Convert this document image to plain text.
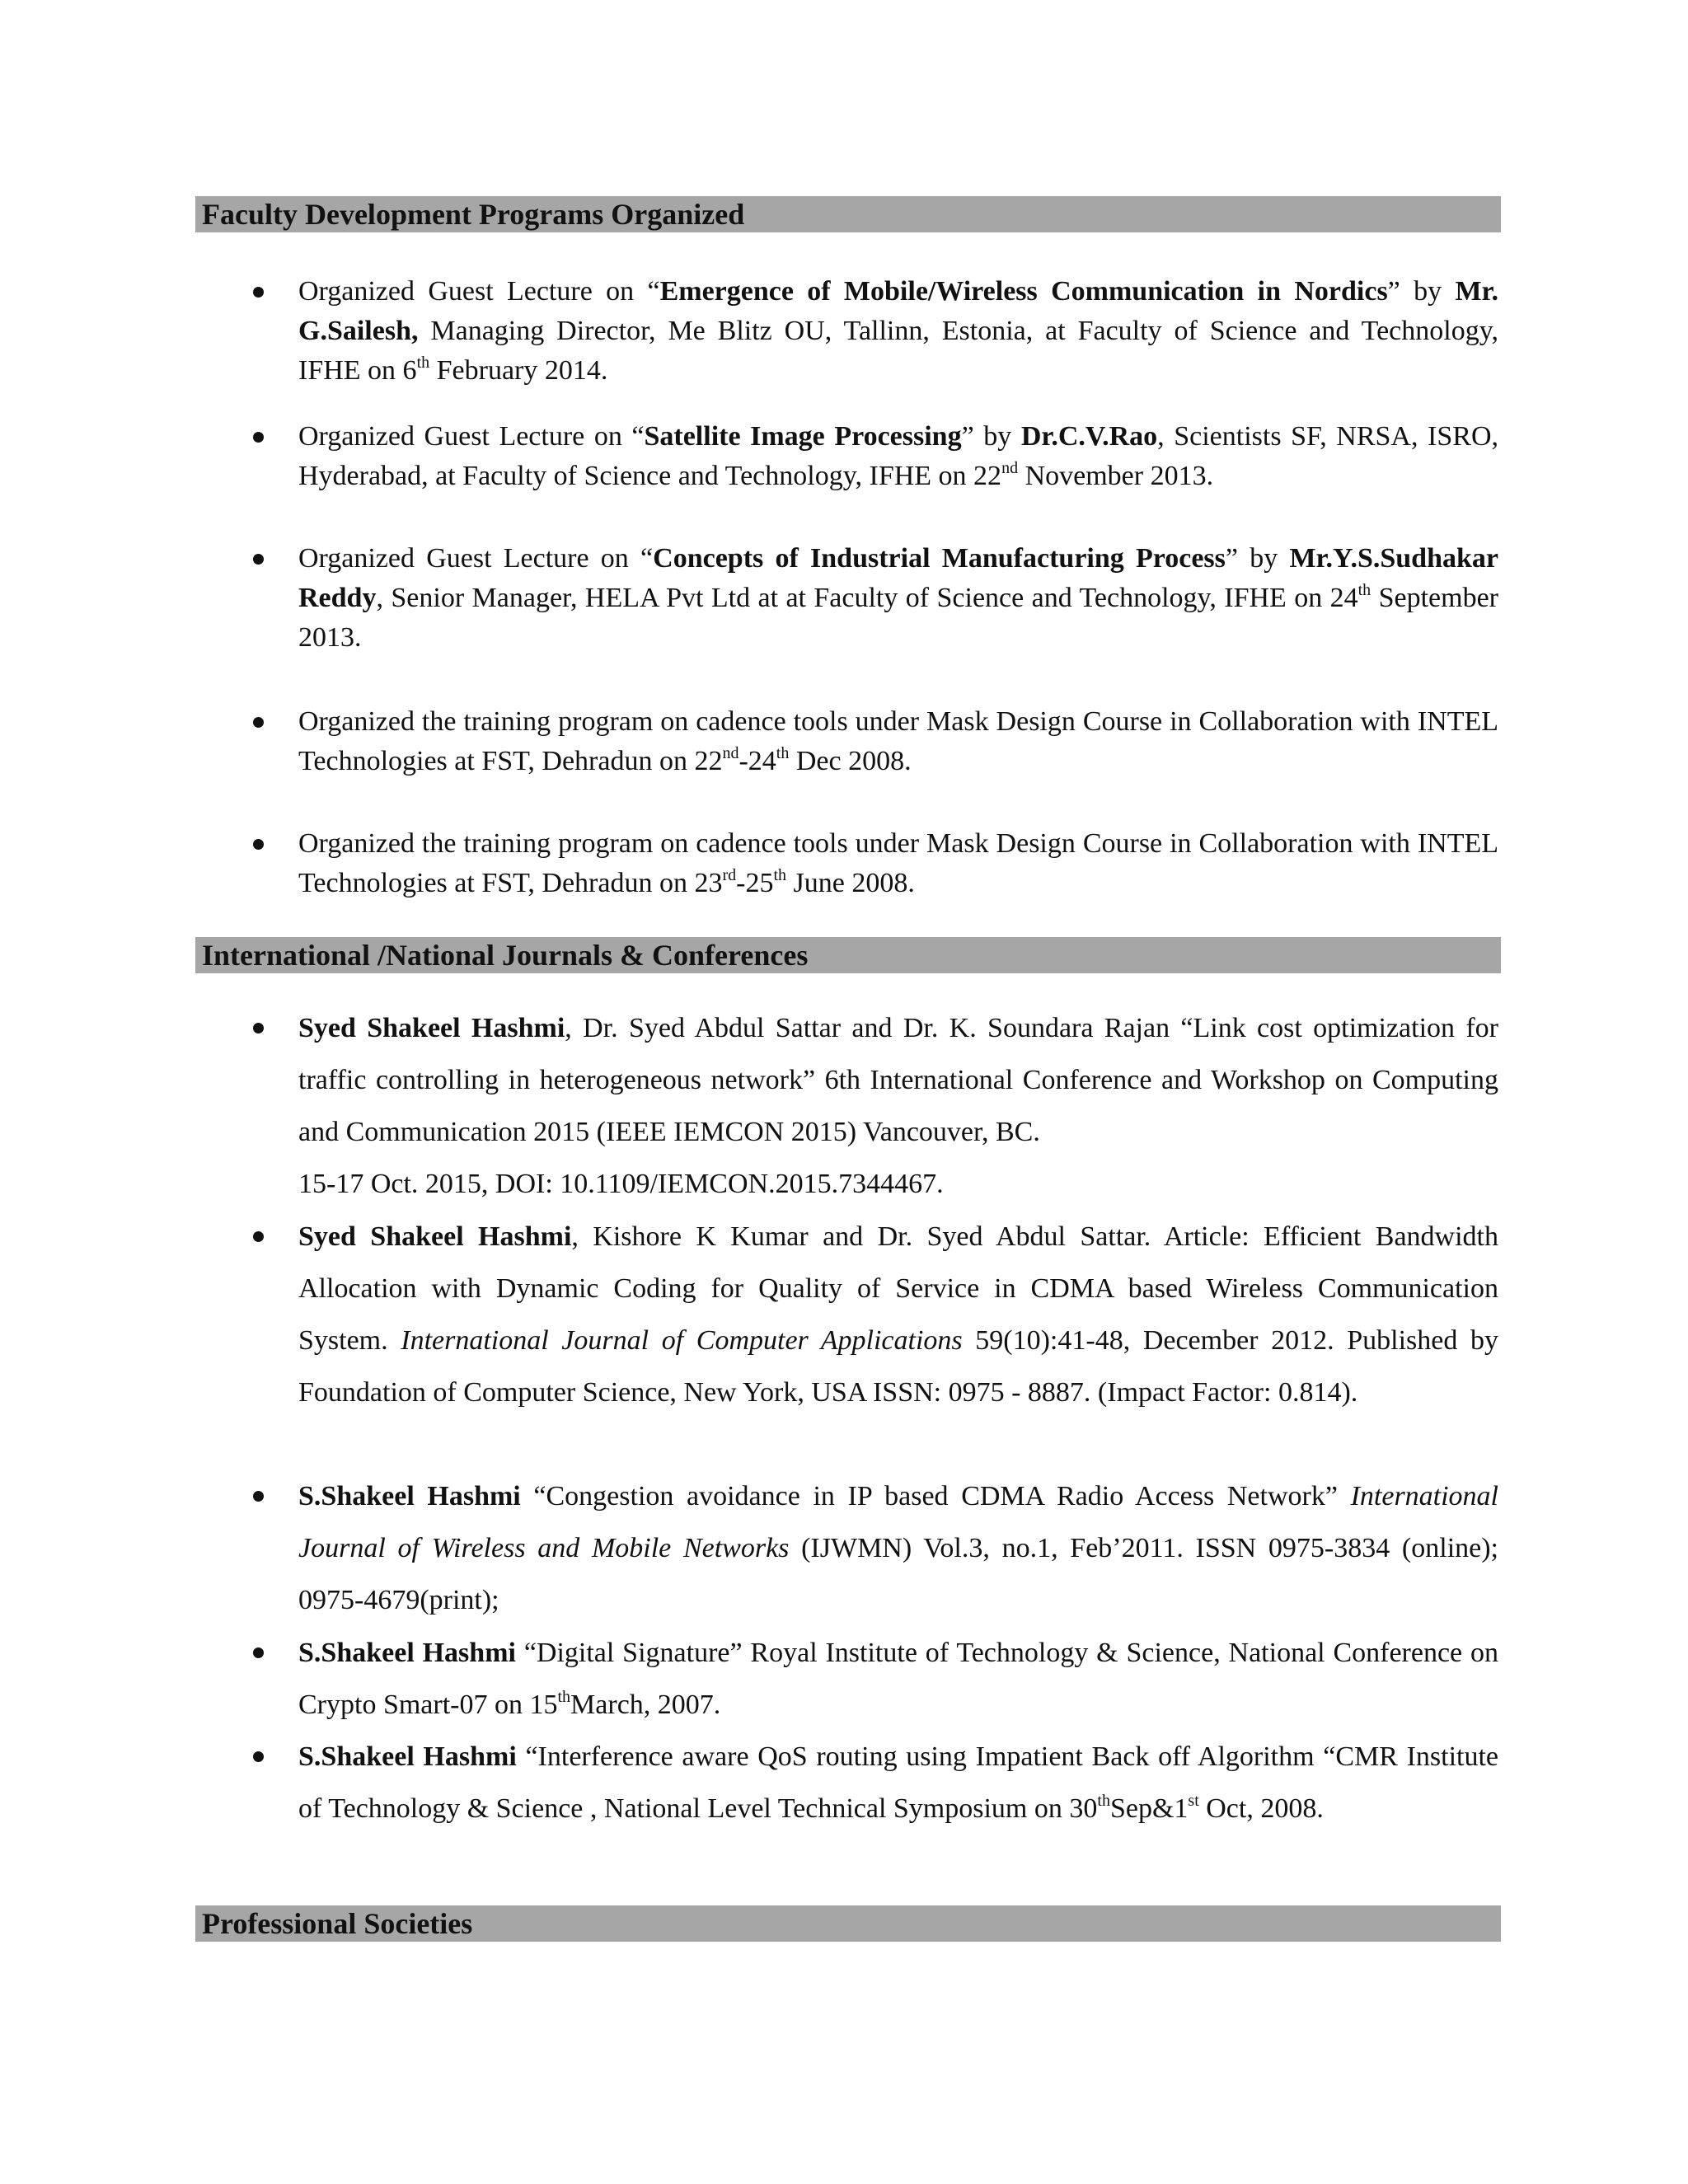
Faculty Development Programs Organized
Organized Guest Lecture on “Emergence of Mobile/Wireless Communication in Nordics” by Mr. G.Sailesh, Managing Director, Me Blitz OU, Tallinn, Estonia, at Faculty of Science and Technology, IFHE on 6th February 2014.
Organized Guest Lecture on “Satellite Image Processing” by Dr.C.V.Rao, Scientists SF, NRSA, ISRO, Hyderabad, at Faculty of Science and Technology, IFHE on 22nd November 2013.
Organized Guest Lecture on “Concepts of Industrial Manufacturing Process” by Mr.Y.S.Sudhakar Reddy, Senior Manager, HELA Pvt Ltd at at Faculty of Science and Technology, IFHE on 24th September 2013.
Organized the training program on cadence tools under Mask Design Course in Collaboration with INTEL Technologies at FST, Dehradun on 22nd-24th Dec 2008.
Organized the training program on cadence tools under Mask Design Course in Collaboration with INTEL Technologies at FST, Dehradun on 23rd-25th June 2008.
International /National Journals & Conferences
Syed Shakeel Hashmi, Dr. Syed Abdul Sattar and Dr. K. Soundara Rajan “Link cost optimization for traffic controlling in heterogeneous network” 6th International Conference and Workshop on Computing and Communication 2015 (IEEE IEMCON 2015) Vancouver, BC.
15-17 Oct. 2015, DOI: 10.1109/IEMCON.2015.7344467.
Syed Shakeel Hashmi, Kishore K Kumar and Dr. Syed Abdul Sattar. Article: Efficient Bandwidth Allocation with Dynamic Coding for Quality of Service in CDMA based Wireless Communication System. International Journal of Computer Applications 59(10):41-48, December 2012. Published by Foundation of Computer Science, New York, USA ISSN: 0975 - 8887. (Impact Factor: 0.814).
S.Shakeel Hashmi “Congestion avoidance in IP based CDMA Radio Access Network” International Journal of Wireless and Mobile Networks (IJWMN) Vol.3, no.1, Feb’2011. ISSN 0975-3834 (online); 0975-4679(print);
S.Shakeel Hashmi “Digital Signature” Royal Institute of Technology & Science, National Conference on Crypto Smart-07 on 15thMarch, 2007.
S.Shakeel Hashmi “Interference aware QoS routing using Impatient Back off Algorithm “CMR Institute of Technology & Science , National Level Technical Symposium on 30thSep&1st Oct, 2008.
Professional Societies
